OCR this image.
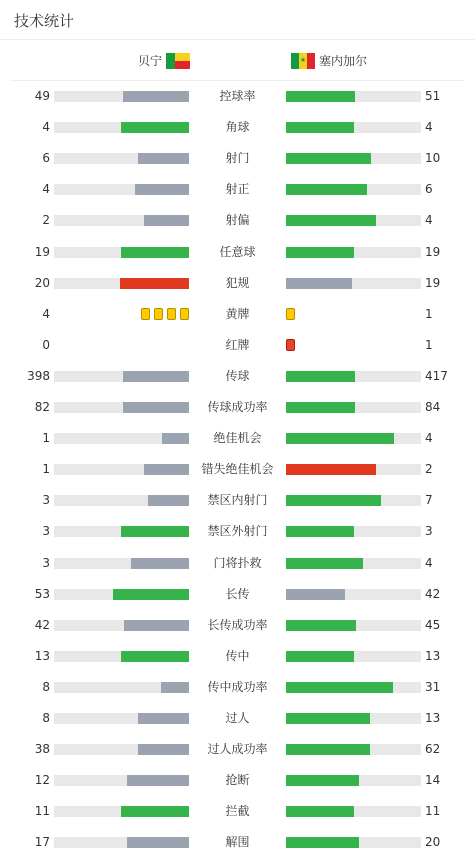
技术统计
贝宁	★ 塞内加尔
49	控球率	51
4	角球	4
6	射门	10
4	射正	6
2	射偏	4
19	任意球	19
20	犯规	19
4	黄牌	1
0	红牌	1
398	传球	417
82	传球成功率	84
1	绝佳机会	4
1	错失绝佳机会	2
3	禁区内射门	7
3	禁区外射门	3
3	门将扑救	4
53	长传	42
42	长传成功率	45
13	传中	13
8	传中成功率	31
8	过人	13
38	过人成功率	62
12	抢断	14
11	拦截	11
17	解围	20
